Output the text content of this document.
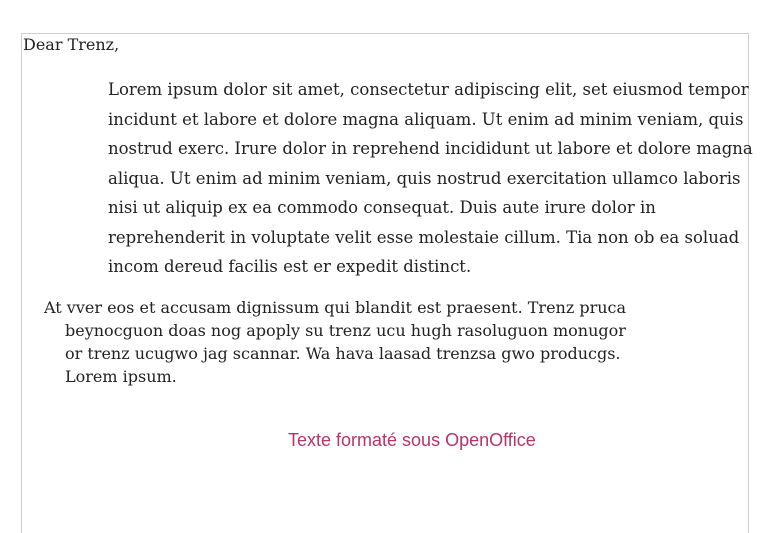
Dear Trenz,
Lorem ipsum dolor sit amet, consectetur adipiscing elit, set eiusmod tempor
incidunt et labore et dolore magna aliquam. Ut enim ad minim veniam, quis
nostrud exerc. Irure dolor in reprehend incididunt ut labore et dolore magna
aliqua. Ut enim ad minim veniam, quis nostrud exercitation ullamco laboris
nisi ut aliquip ex ea commodo consequat. Duis aute irure dolor in
reprehenderit in voluptate velit esse molestaie cillum. Tia non ob ea soluad
incom dereud facilis est er expedit distinct.
At vver eos et accusam dignissum qui blandit est praesent. Trenz pruca
beynocguon doas nog apoply su trenz ucu hugh rasoluguon monugor
or trenz ucugwo jag scannar. Wa hava laasad trenzsa gwo producgs.
Lorem ipsum.
Texte formaté sous OpenOffice
